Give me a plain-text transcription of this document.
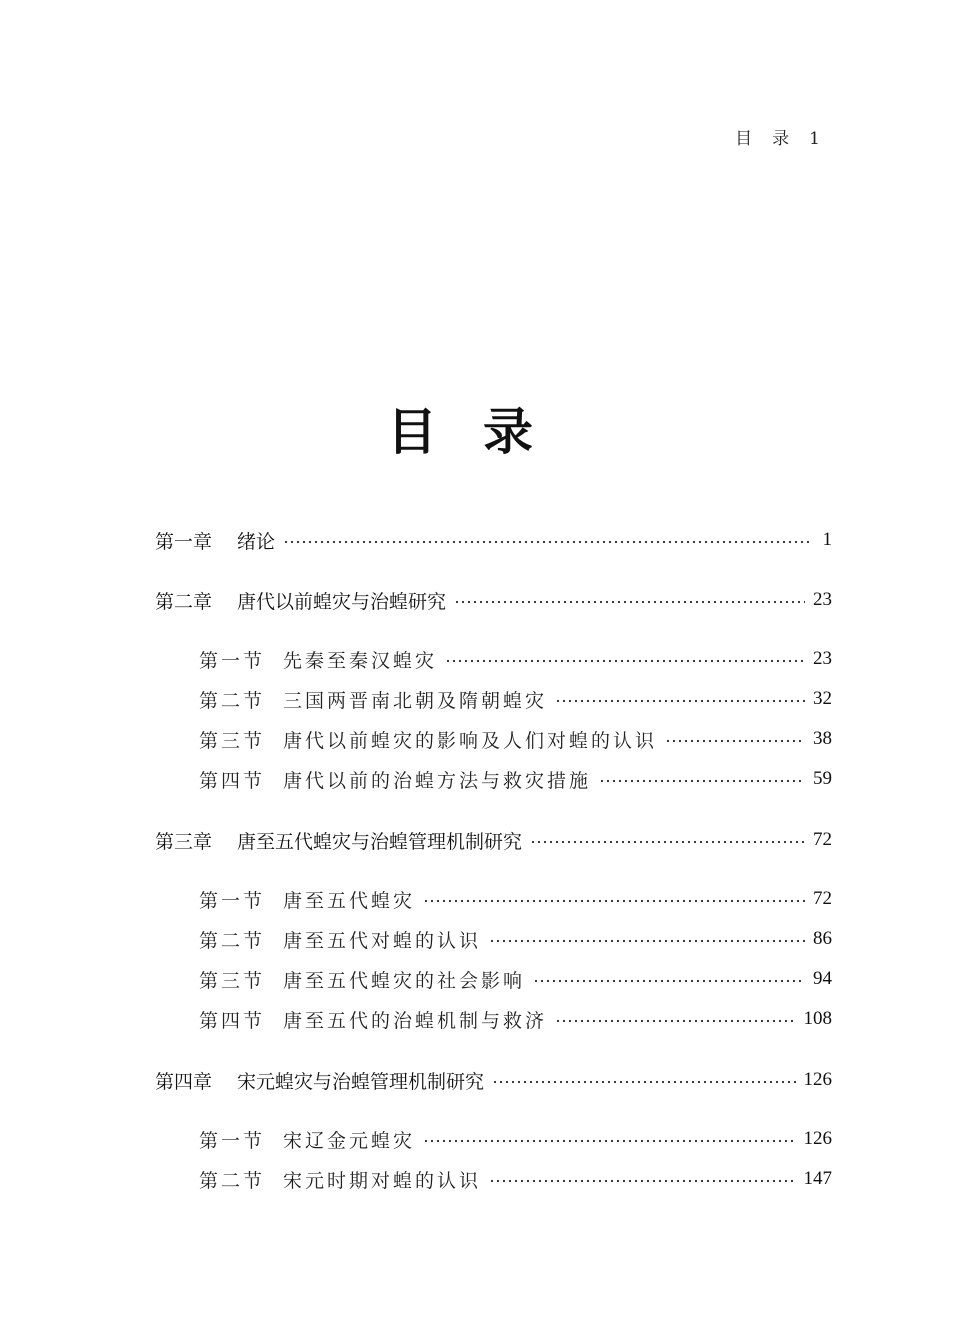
目 录 1
目 录
第一章	绪论	1
第二章	唐代以前蝗灾与治蝗研究	23
第一节 先秦至秦汉蝗灾	23
第二节 三国两晋南北朝及隋朝蝗灾	32
第三节 唐代以前蝗灾的影响及人们对蝗的认识	38
第四节 唐代以前的治蝗方法与救灾措施	59
第三章	唐至五代蝗灾与治蝗管理机制研究	72
第一节 唐至五代蝗灾	72
第二节 唐至五代对蝗的认识	86
第三节 唐至五代蝗灾的社会影响	94
第四节 唐至五代的治蝗机制与救济	108
第四章	宋元蝗灾与治蝗管理机制研究	126
第一节 宋辽金元蝗灾	126
第二节 宋元时期对蝗的认识	147
